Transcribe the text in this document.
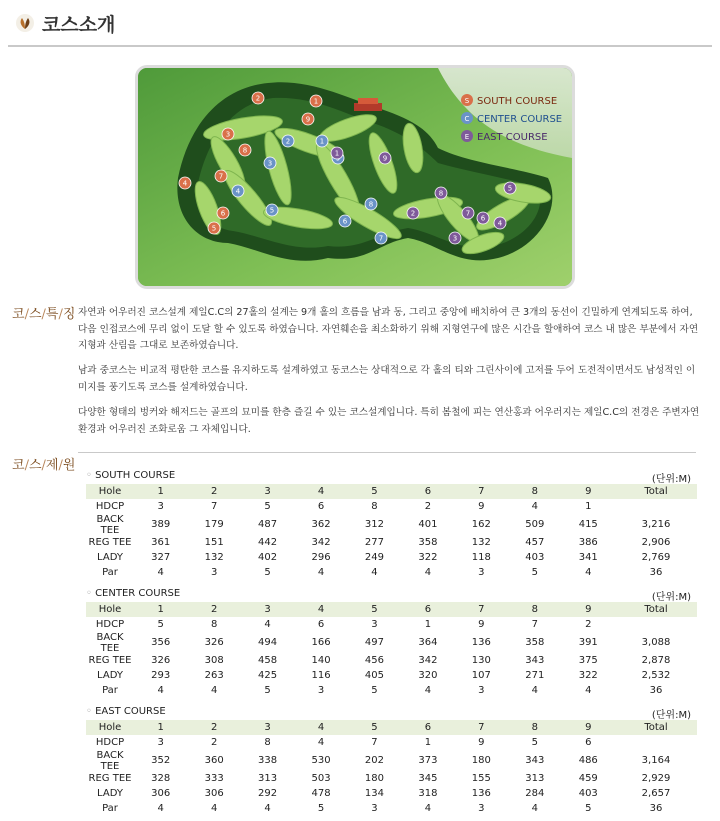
코스소개
S SOUTH COURSE
C CENTER COURSE
E EAST COURSE
1
2
3
4
5
6
7
8
9
1
2
3
4
5
6
7
8
1
2
3
4
5
6
7
8
9
코/스/특/징 자연과 어우러진 코스설계 제일C.C의 27홀의 설계는 9개 홀의 흐름을 남과 동, 그리고 중앙에 배치하여 큰 3개의 동선이 긴밀하게 연계되도록 하여, 다음 인접코스에 무리 없이 도달 할 수 있도록 하였습니다. 자연훼손을 최소화하기 위해 지형연구에 많은 시간을 할애하여 코스 내 많은 부분에서 자연지형과 산림을 그대로 보존하였습니다.

남과 중코스는 비교적 평탄한 코스를 유지하도록 설계하였고 동코스는 상대적으로 각 홀의 티와 그린사이에 고저를 두어 도전적이면서도 남성적인 이미지를 풍기도록 코스를 설계하였습니다.

다양한 형태의 벙커와 해저드는 골프의 묘미를 한층 즐길 수 있는 코스설계입니다. 특히 봄철에 피는 연산홍과 어우러지는 제일C.C의 전경은 주변자연환경과 어우러진 조화로움 그 자체입니다.

코/스/제/원
◦ SOUTH COURSE	(단위:M)
Hole	1	2	3	4	5	6	7	8	9	Total
HDCP	3	7	5	6	8	2	9	4	1	
BACK TEE	389	179	487	362	312	401	162	509	415	3,216
REG TEE	361	151	442	342	277	358	132	457	386	2,906
LADY	327	132	402	296	249	322	118	403	341	2,769
Par	4	3	5	4	4	4	3	5	4	36
◦ CENTER COURSE	(단위:M)
Hole	1	2	3	4	5	6	7	8	9	Total
HDCP	5	8	4	6	3	1	9	7	2	
BACK TEE	356	326	494	166	497	364	136	358	391	3,088
REG TEE	326	308	458	140	456	342	130	343	375	2,878
LADY	293	263	425	116	405	320	107	271	322	2,532
Par	4	4	5	3	5	4	3	4	4	36
◦ EAST COURSE	(단위:M)
Hole	1	2	3	4	5	6	7	8	9	Total
HDCP	3	2	8	4	7	1	9	5	6	
BACK TEE	352	360	338	530	202	373	180	343	486	3,164
REG TEE	328	333	313	503	180	345	155	313	459	2,929
LADY	306	306	292	478	134	318	136	284	403	2,657
Par	4	4	4	5	3	4	3	4	5	36
